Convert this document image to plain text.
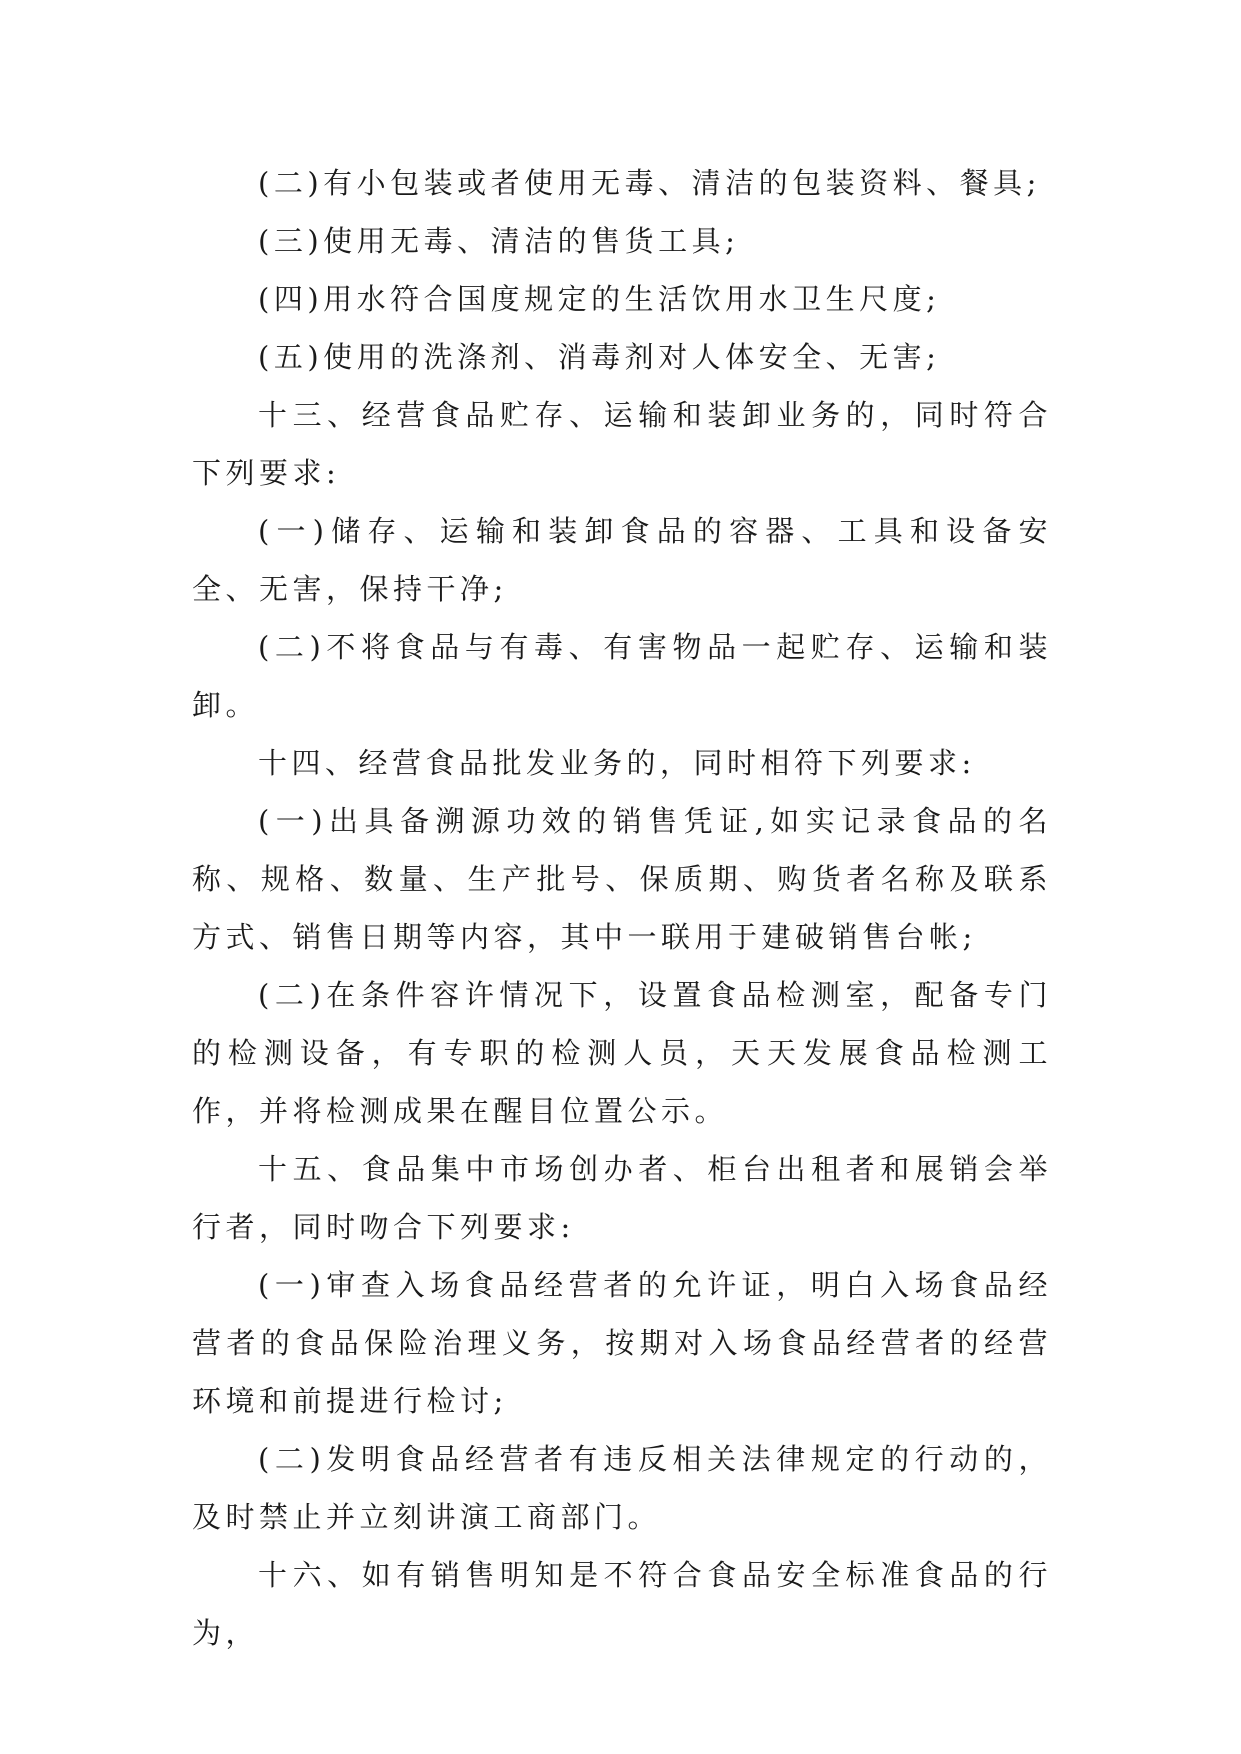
(二)有小包装或者使用无毒、清洁的包装资料、餐具;

(三)使用无毒、清洁的售货工具;

(四)用水符合国度规定的生活饮用水卫生尺度;

(五)使用的洗涤剂、消毒剂对人体安全、无害;

十三、经营食品贮存、运输和装卸业务的，同时符合下列要求:

(一)储存、运输和装卸食品的容器、工具和设备安全、无害，保持干净;

(二)不将食品与有毒、有害物品一起贮存、运输和装卸。

十四、经营食品批发业务的，同时相符下列要求:

(一)出具备溯源功效的销售凭证,如实记录食品的名称、规格、数量、生产批号、保质期、购货者名称及联系方式、销售日期等内容，其中一联用于建破销售台帐;

(二)在条件容许情况下，设置食品检测室，配备专门的检测设备，有专职的检测人员，天天发展食品检测工作，并将检测成果在醒目位置公示。

十五、食品集中市场创办者、柜台出租者和展销会举行者，同时吻合下列要求:

(一)审查入场食品经营者的允许证，明白入场食品经营者的食品保险治理义务，按期对入场食品经营者的经营环境和前提进行检讨;

(二)发明食品经营者有违反相关法律规定的行动的，及时禁止并立刻讲演工商部门。

十六、如有销售明知是不符合食品安全标准食品的行为，
